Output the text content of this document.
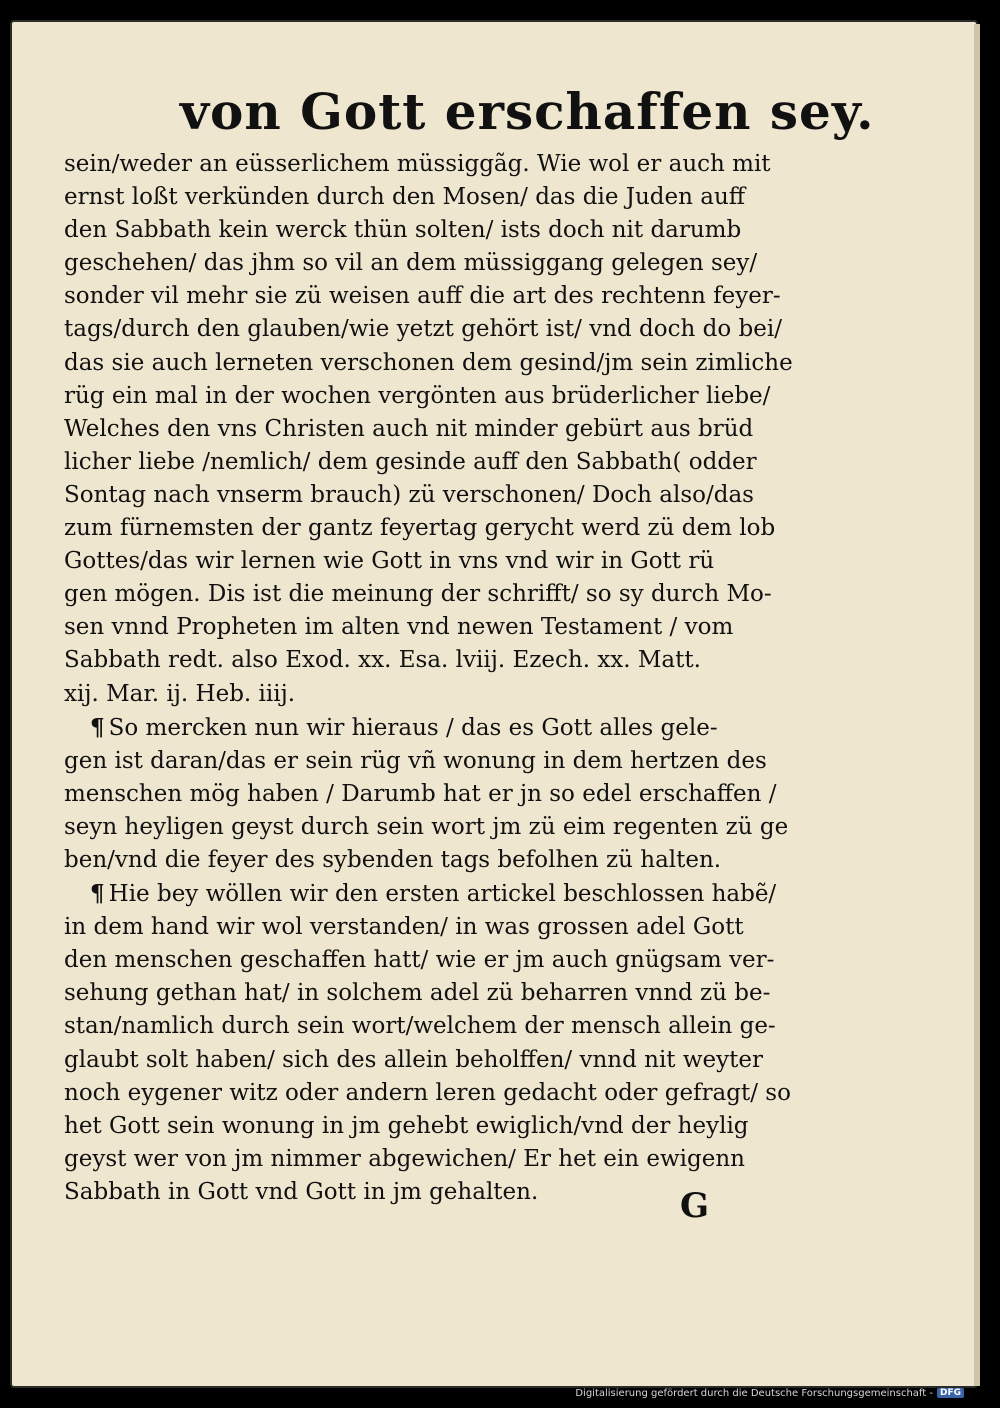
von Gott erschaffen sey.
sein/weder an eüsserlichem müssiggãg. Wie wol er auch mit
ernst loßt verkünden durch den Mosen/ das die Juden auff
den Sabbath kein werck thün solten/ ists doch nit darumb
geschehen/ das jhm so vil an dem müssiggang gelegen sey/
sonder vil mehr sie zü weisen auff die art des rechtenn feyer-
tags/durch den glauben/wie yetzt gehört ist/ vnd doch do bei/
das sie auch lerneten verschonen dem gesind/jm sein zimliche
rüg ein mal in der wochen vergönten aus brüderlicher liebe/
Welches den vns Christen auch nit minder gebürt aus brüd
licher liebe /nemlich/ dem gesinde auff den Sabbath( odder
Sontag nach vnserm brauch) zü verschonen/ Doch also/das
zum fürnemsten der gantz feyertag gerycht werd zü dem lob
Gottes/das wir lernen wie Gott in vns vnd wir in Gott rü
gen mögen. Dis ist die meinung der schrifft/ so sy durch Mo-
sen vnnd Propheten im alten vnd newen Testament / vom
Sabbath redt. also Exod. xx. Esa. lviij. Ezech. xx. Matt.
xij. Mar. ij. Heb. iiij.
¶ So mercken nun wir hieraus / das es Gott alles gele-
gen ist daran/das er sein rüg vñ wonung in dem hertzen des
menschen mög haben / Darumb hat er jn so edel erschaffen /
seyn heyligen geyst durch sein wort jm zü eim regenten zü ge
ben/vnd die feyer des sybenden tags befolhen zü halten.
¶ Hie bey wöllen wir den ersten artickel beschlossen habẽ/
in dem hand wir wol verstanden/ in was grossen adel Gott
den menschen geschaffen hatt/ wie er jm auch gnügsam ver-
sehung gethan hat/ in solchem adel zü beharren vnnd zü be-
stan/namlich durch sein wort/welchem der mensch allein ge-
glaubt solt haben/ sich des allein beholffen/ vnnd nit weyter
noch eygener witz oder andern leren gedacht oder gefragt/ so
het Gott sein wonung in jm gehebt ewiglich/vnd der heylig
geyst wer von jm nimmer abgewichen/ Er het ein ewigenn
Sabbath in Gott vnd Gott in jm gehalten.	G
Digitalisierung gefördert durch die Deutsche Forschungsgemeinschaft - DFG
